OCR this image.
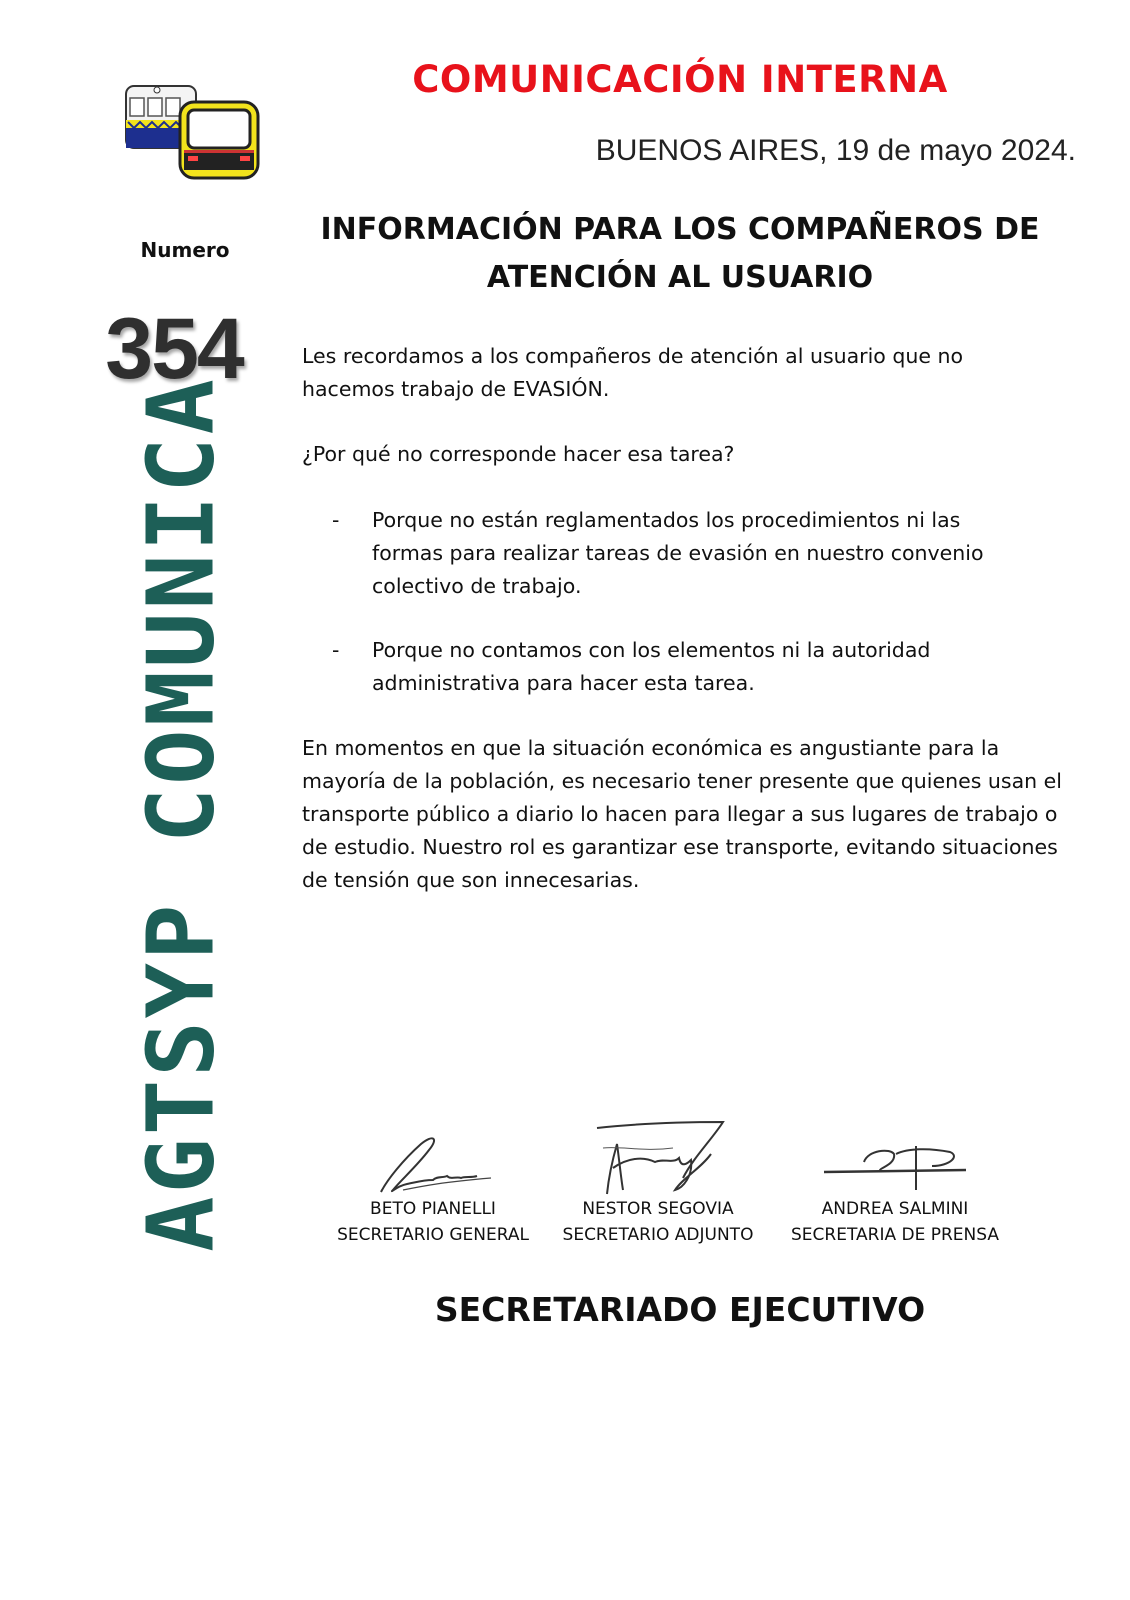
COMUNICACIÓN INTERNA
BUENOS AIRES, 19 de mayo 2024.
Numero
354
AGTSYP COMUNICA
INFORMACIÓN PARA LOS COMPAÑEROS DE
ATENCIÓN AL USUARIO

Les recordamos a los compañeros de atención al usuario que no hacemos trabajo de EVASIÓN.

¿Por qué no corresponde hacer esa tarea?

-	Porque no están reglamentados los procedimientos ni las formas para realizar tareas de evasión en nuestro convenio colectivo de trabajo.
-	Porque no contamos con los elementos ni la autoridad administrativa para hacer esta tarea.

En momentos en que la situación económica es angustiante para la mayoría de la población, es necesario tener presente que quienes usan el transporte público a diario lo hacen para llegar a sus lugares de trabajo o de estudio. Nuestro rol es garantizar ese transporte, evitando situaciones de tensión que son innecesarias.

BETO PIANELLI
SECRETARIO GENERAL
NESTOR SEGOVIA
SECRETARIO ADJUNTO
ANDREA SALMINI
SECRETARIA DE PRENSA
SECRETARIADO EJECUTIVO
